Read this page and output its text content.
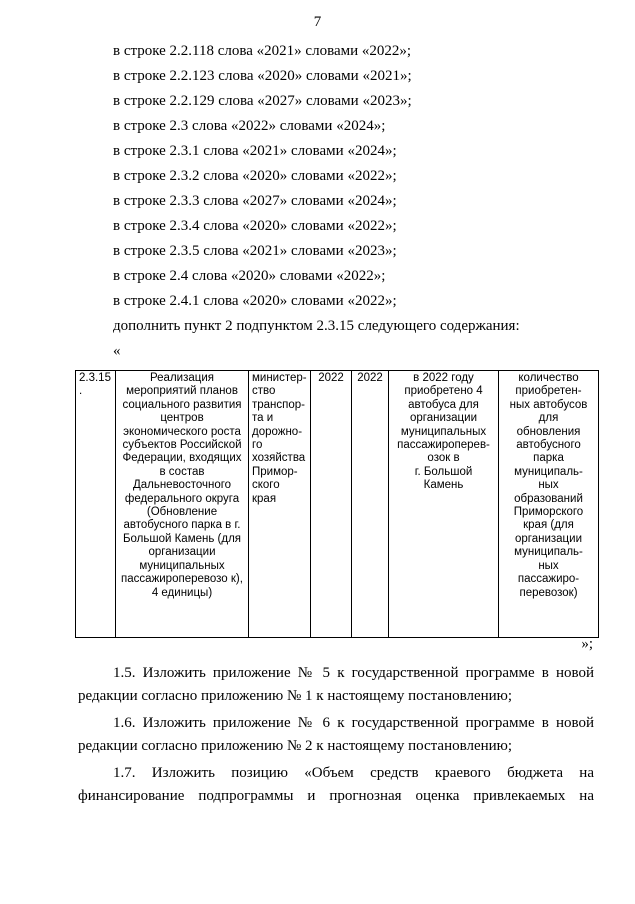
7
в строке 2.2.118 слова «2021» словами «2022»;
в строке 2.2.123 слова «2020» словами «2021»;
в строке 2.2.129 слова «2027» словами «2023»;
в строке 2.3 слова «2022» словами «2024»;
в строке 2.3.1 слова «2021» словами «2024»;
в строке 2.3.2 слова «2020» словами «2022»;
в строке 2.3.3 слова «2027» словами «2024»;
в строке 2.3.4 слова «2020» словами «2022»;
в строке 2.3.5 слова «2021» словами «2023»;
в строке 2.4 слова «2020» словами «2022»;
в строке 2.4.1 слова «2020» словами «2022»;
дополнить пункт 2 подпунктом 2.3.15 следующего содержания:
«
2.3.15
.	Реализация мероприятий планов социального развития центров экономического роста субъектов Российской Федерации, входящих в состав Дальневосточного федерального округа (Обновление автобусного парка в г. Большой Камень (для организации муниципальных пассажироперевозо к), 4 единицы)	министер-
ство
транспор-
та и
дорожно-
го
хозяйства
Примор-
ского
края	2022	2022	в 2022 году
приобретено 4
автобуса для
организации
муниципальных
пассажироперев-
озок в
г. Большой
Камень	количество
приобретен-
ных автобусов
для
обновления
автобусного
парка
муниципаль-
ных
образований
Приморского
края (для
организации
муниципаль-
ных
пассажиро-
перевозок)
»;
1.5. Изложить приложение № 5 к государственной программе в новой
редакции согласно приложению № 1 к настоящему постановлению;
1.6. Изложить приложение № 6 к государственной программе в новой
редакции согласно приложению № 2 к настоящему постановлению;
1.7. Изложить позицию «Объем средств краевого бюджета на
финансирование подпрограммы и прогнозная оценка привлекаемых на
